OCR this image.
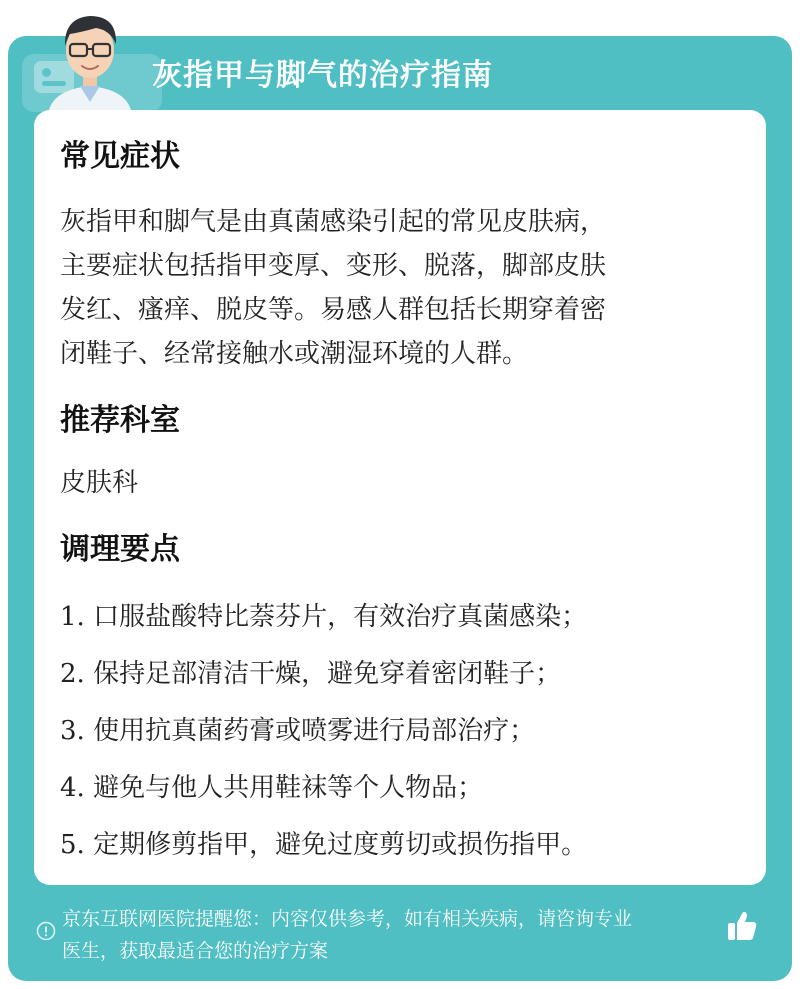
灰指甲与脚气的治疗指南
常见症状

灰指甲和脚气是由真菌感染引起的常见皮肤病，

主要症状包括指甲变厚、变形、脱落，脚部皮肤

发红、瘙痒、脱皮等。易感人群包括长期穿着密

闭鞋子、经常接触水或潮湿环境的人群。

推荐科室

皮肤科

调理要点
1. 口服盐酸特比萘芬片，有效治疗真菌感染；
2. 保持足部清洁干燥，避免穿着密闭鞋子；
3. 使用抗真菌药膏或喷雾进行局部治疗；
4. 避免与他人共用鞋袜等个人物品；
5. 定期修剪指甲，避免过度剪切或损伤指甲。
京东互联网医院提醒您：内容仅供参考，如有相关疾病，请咨询专业
医生，获取最适合您的治疗方案
